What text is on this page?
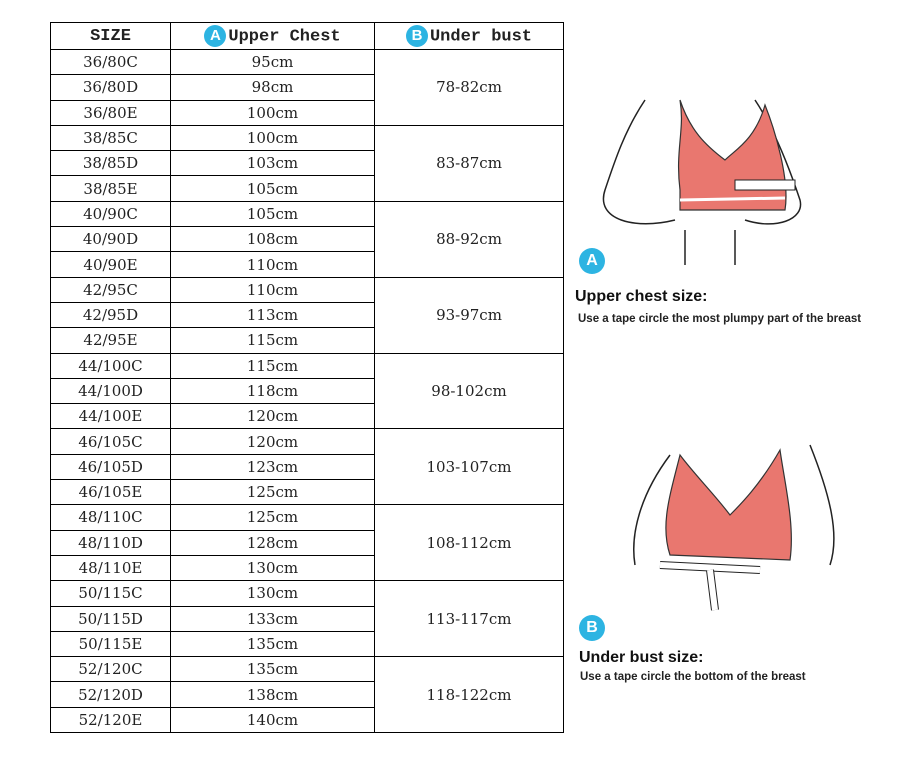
SIZE	A Upper Chest	B Under bust
36/80C	95cm	78-82cm
36/80D	98cm	
36/80E	100cm	
38/85C	100cm	83-87cm
38/85D	103cm	
38/85E	105cm	
40/90C	105cm	88-92cm
40/90D	108cm	
40/90E	110cm	
42/95C	110cm	93-97cm
42/95D	113cm	
42/95E	115cm	
44/100C	115cm	98-102cm
44/100D	118cm	
44/100E	120cm	
46/105C	120cm	103-107cm
46/105D	123cm	
46/105E	125cm	
48/110C	125cm	108-112cm
48/110D	128cm	
48/110E	130cm	
50/115C	130cm	113-117cm
50/115D	133cm	
50/115E	135cm	
52/120C	135cm	118-122cm
52/120D	138cm	
52/120E	140cm	
A
Upper chest size:
Use a tape circle the most plumpy part of the breast
B
Under bust size:
Use a tape circle the bottom of the breast
